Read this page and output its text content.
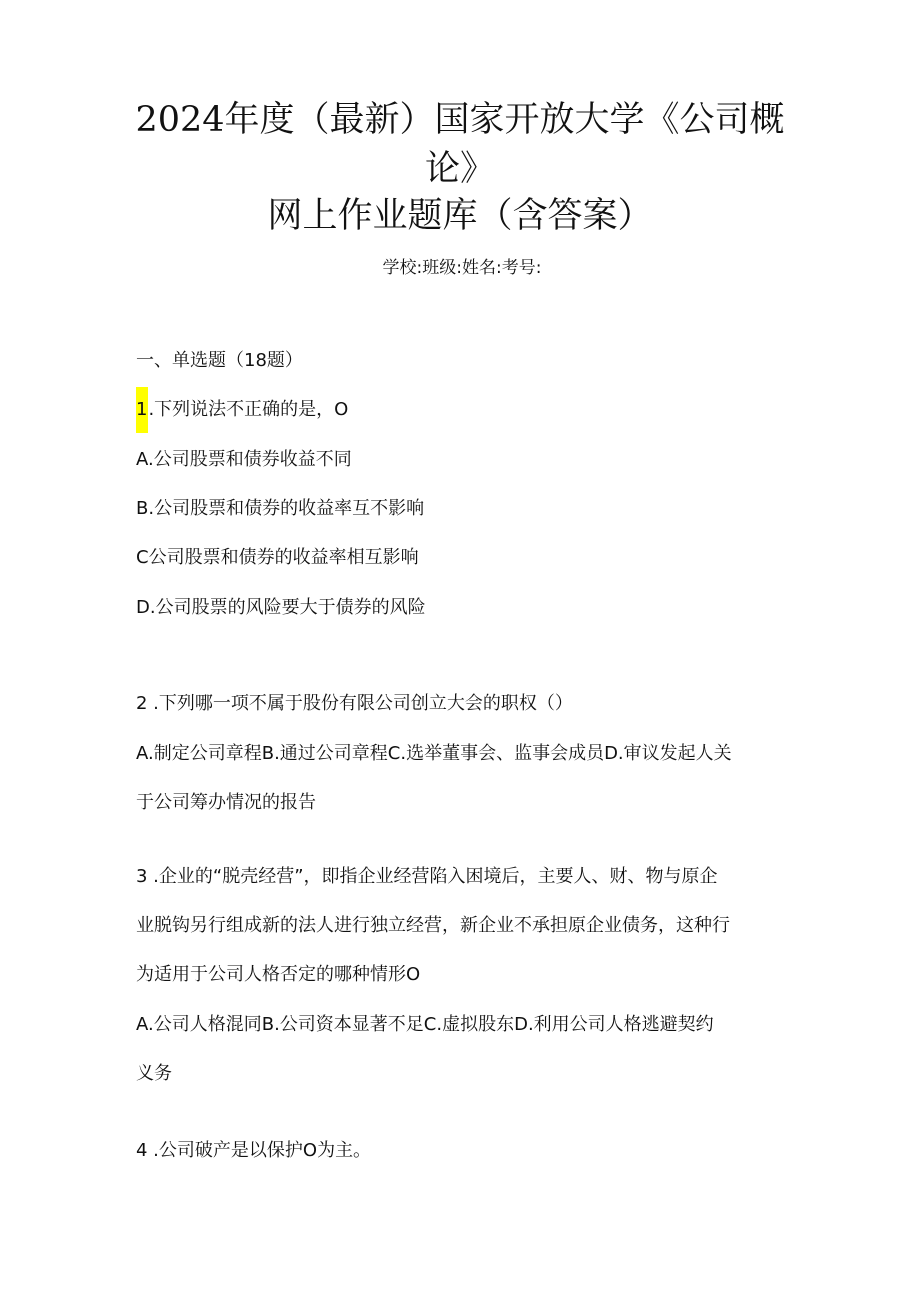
2024年度（最新）国家开放大学《公司概
论》
网上作业题库（含答案）
学校:班级:姓名:考号:
一、单选题（18题）
1.下列说法不正确的是，O
A.公司股票和债券收益不同
B.公司股票和债券的收益率互不影响
C公司股票和债券的收益率相互影响
D.公司股票的风险要大于债券的风险
2 .下列哪一项不属于股份有限公司创立大会的职权（）
A.制定公司章程B.通过公司章程C.选举董事会、监事会成员D.审议发起人关
于公司筹办情况的报告
3 .企业的“脱壳经营”，即指企业经营陷入困境后，主要人、财、物与原企
业脱钩另行组成新的法人进行独立经营，新企业不承担原企业债务，这种行
为适用于公司人格否定的哪种情形O
A.公司人格混同B.公司资本显著不足C.虚拟股东D.利用公司人格逃避契约
义务
4 .公司破产是以保护O为主。
